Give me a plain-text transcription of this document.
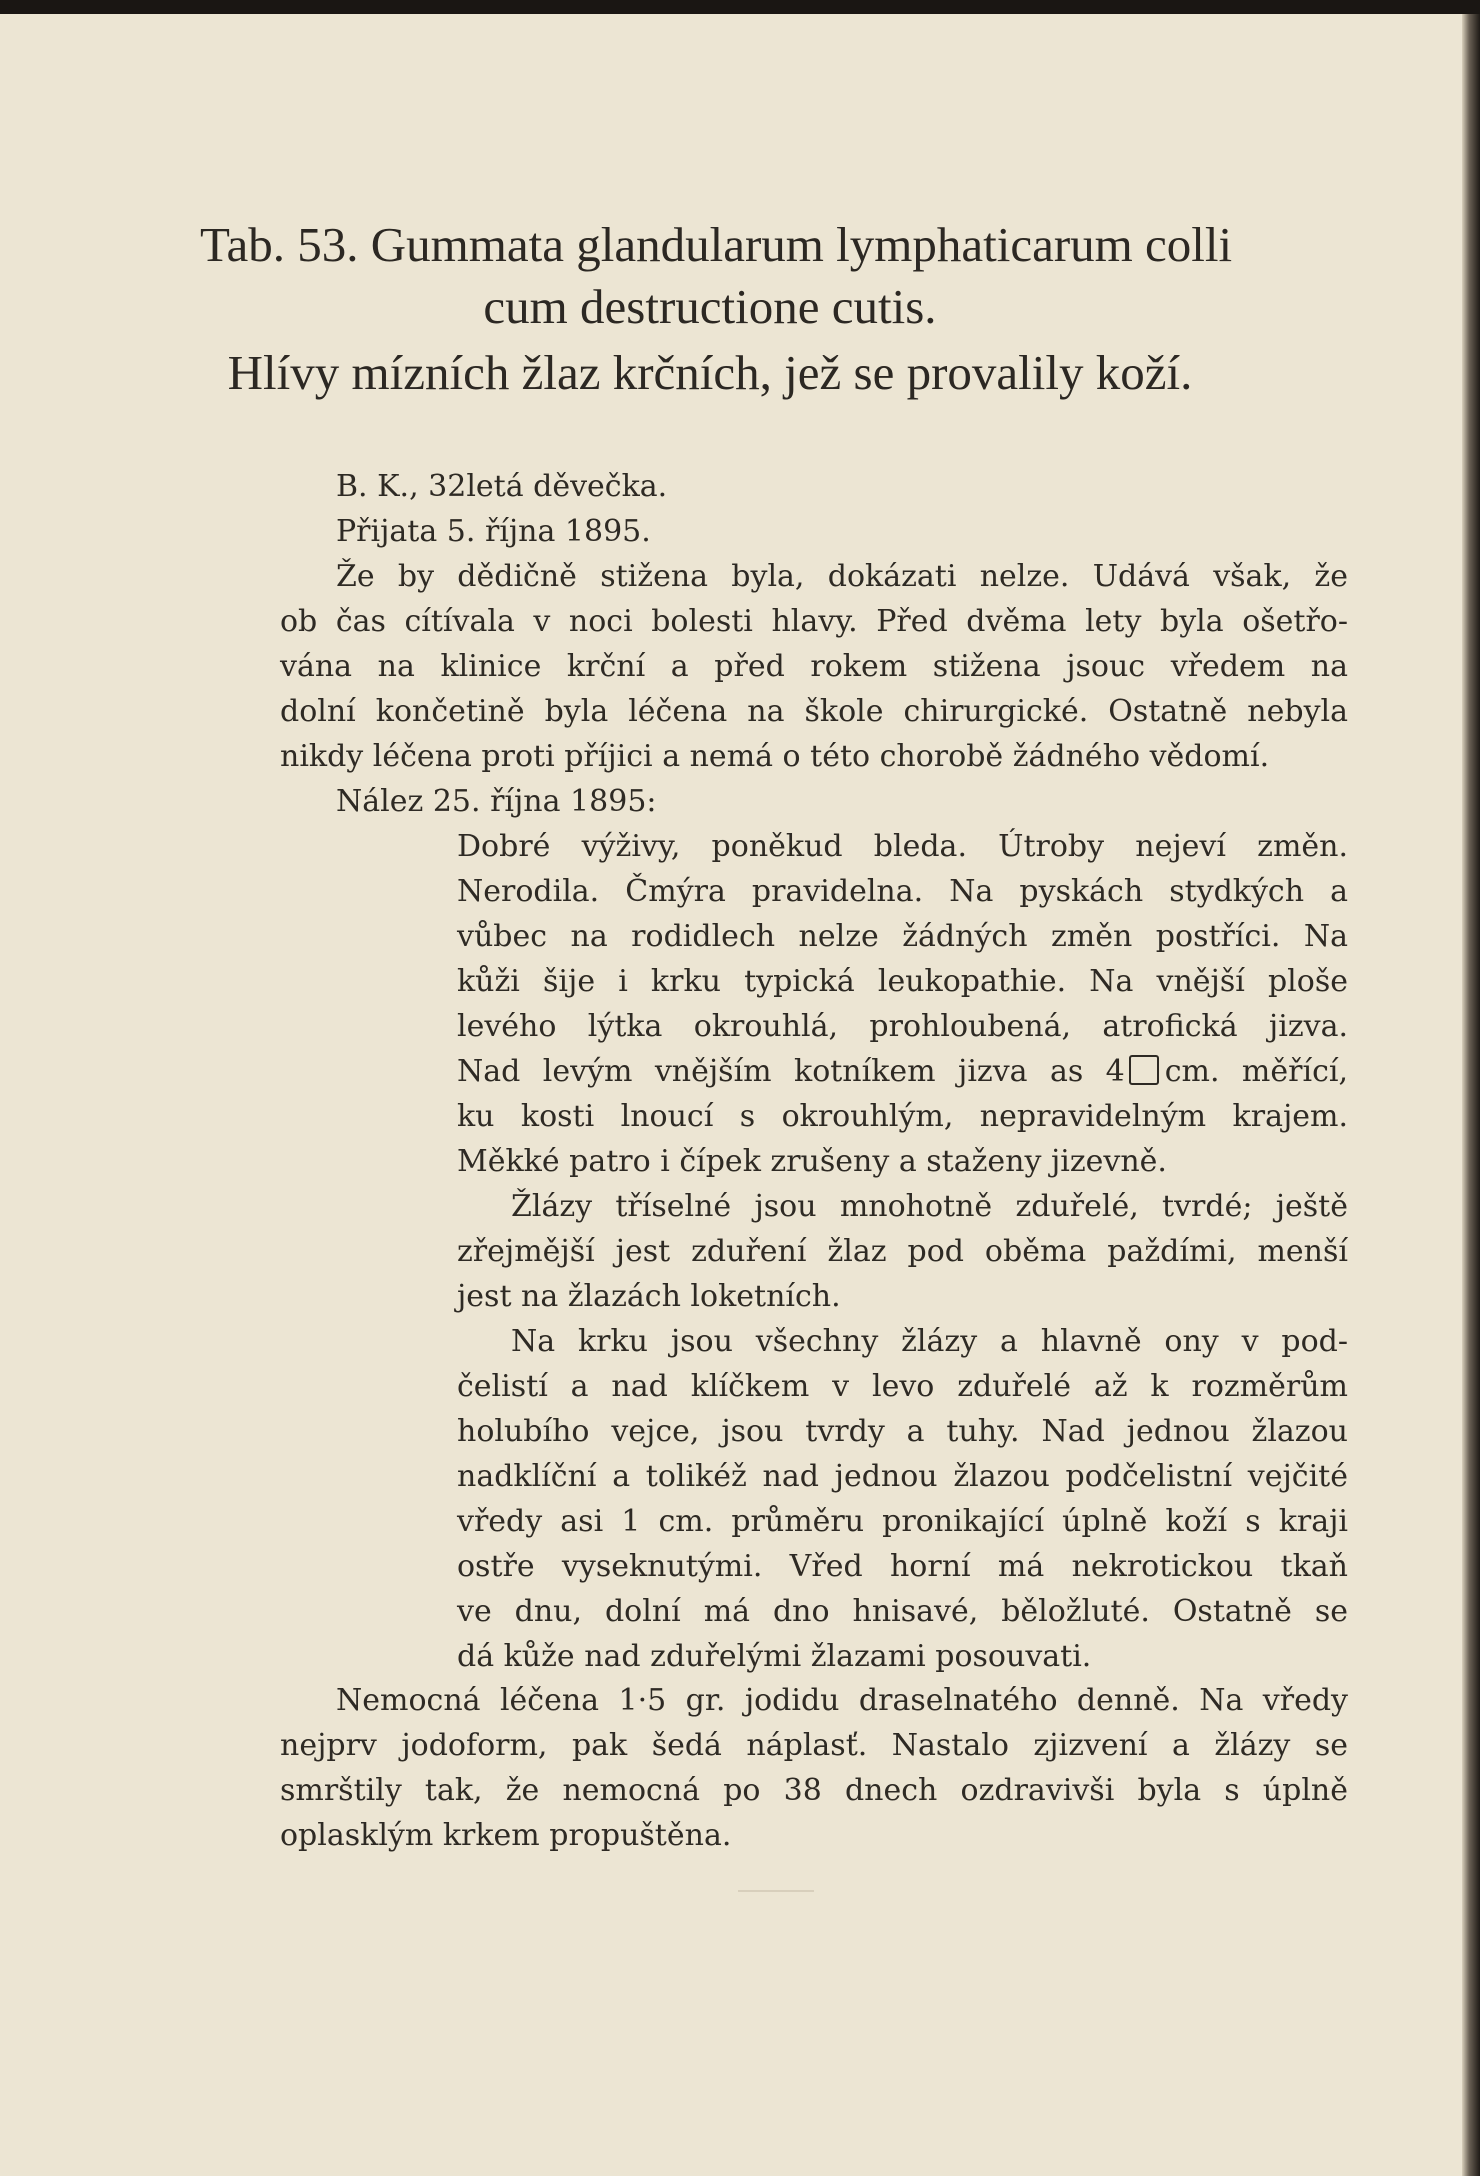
Tab. 53. Gummata glandularum lymphaticarum colli
cum destructione cutis.
Hlívy mízních žlaz krčních, jež se provalily koží.
B. K., 32letá děvečka.
Přijata 5. října 1895.
Že by dědičně stižena byla, dokázati nelze. Udává však, že
ob čas cítívala v noci bolesti hlavy. Před dvěma lety byla ošetřo-
vána na klinice krční a před rokem stižena jsouc vředem na
dolní končetině byla léčena na škole chirurgické. Ostatně nebyla
nikdy léčena proti příjici a nemá o této chorobě žádného vědomí.
Nález 25. října 1895:
Dobré výživy, poněkud bleda. Útroby nejeví změn.
Nerodila. Čmýra pravidelna. Na pyskách stydkých a
vůbec na rodidlech nelze žádných změn postříci. Na
kůži šije i krku typická leukopathie. Na vnější ploše
levého lýtka okrouhlá, prohloubená, atrofická jizva.
Nad levým vnějším kotníkem jizva as 4 cm. měřící,
ku kosti lnoucí s okrouhlým, nepravidelným krajem.
Měkké patro i čípek zrušeny a staženy jizevně.
Žlázy tříselné jsou mnohotně zduřelé, tvrdé; ještě
zřejmější jest zduření žlaz pod oběma paždími, menší
jest na žlazách loketních.
Na krku jsou všechny žlázy a hlavně ony v pod-
čelistí a nad klíčkem v levo zduřelé až k rozměrům
holubího vejce, jsou tvrdy a tuhy. Nad jednou žlazou
nadklíční a tolikéž nad jednou žlazou podčelistní vejčité
vředy asi 1 cm. průměru pronikající úplně koží s kraji
ostře vyseknutými. Vřed horní má nekrotickou tkaň
ve dnu, dolní má dno hnisavé, běložluté. Ostatně se
dá kůže nad zduřelými žlazami posouvati.
Nemocná léčena 1·5 gr. jodidu draselnatého denně. Na vředy
nejprv jodoform, pak šedá náplasť. Nastalo zjizvení a žlázy se
smrštily tak, že nemocná po 38 dnech ozdravivši byla s úplně
oplasklým krkem propuštěna.
